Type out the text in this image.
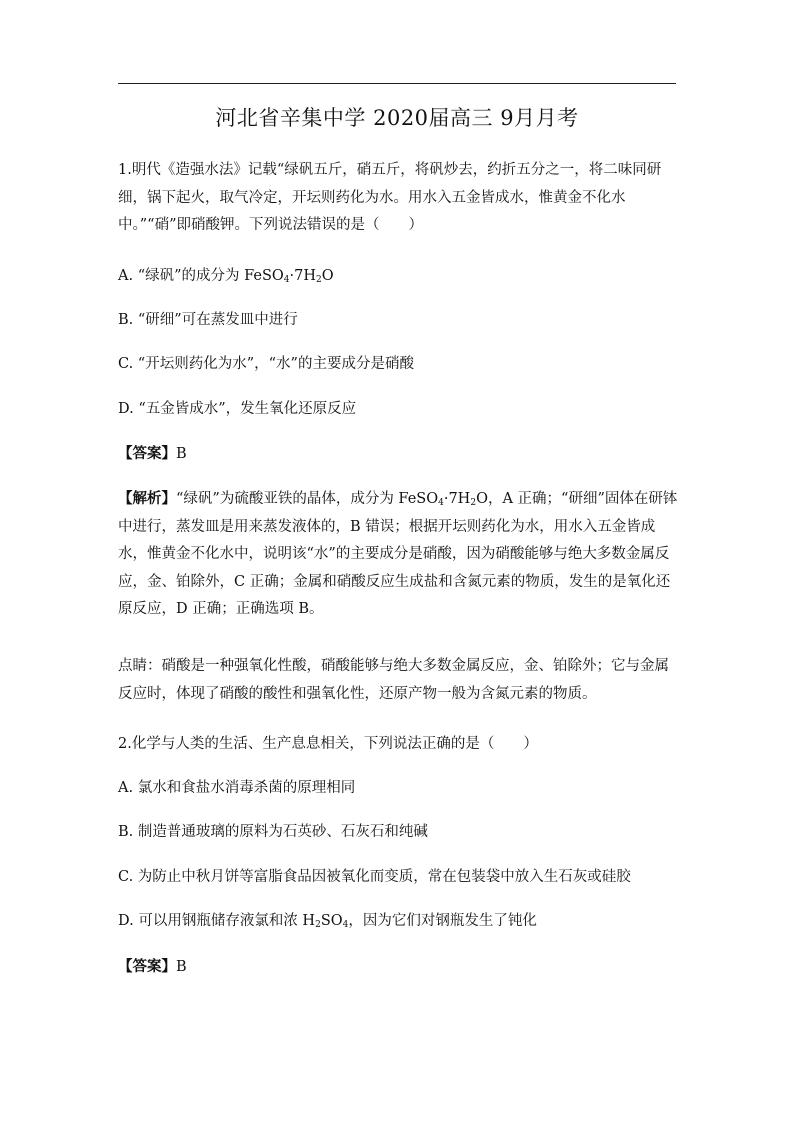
河北省辛集中学 2020届高三 9月月考
1.明代《造强水法》记载“绿矾五斤，硝五斤，将矾炒去，约折五分之一，将二味同研细，锅下起火，取气冷定，开坛则药化为水。用水入五金皆成水，惟黄金不化水中。”“硝”即硝酸钾。下列说法错误的是（　　）
A. “绿矾”的成分为 $FeSO_4\cdot 7H_2O$
B. “研细”可在蒸发皿中进行
C. “开坛则药化为水”，“水”的主要成分是硝酸
D. “五金皆成水”，发生氧化还原反应
【答案】B
【解析】“绿矾”为硫酸亚铁的晶体，成分为 $FeSO_4\cdot 7H_2O$，A 正确；“研细”固体在研钵中进行，蒸发皿是用来蒸发液体的，B 错误；根据开坛则药化为水，用水入五金皆成水，惟黄金不化水中，说明该“水”的主要成分是硝酸，因为硝酸能够与绝大多数金属反应，金、铂除外，C 正确；金属和硝酸反应生成盐和含氮元素的物质，发生的是氧化还原反应，D 正确；正确选项 B。
点睛：硝酸是一种强氧化性酸，硝酸能够与绝大多数金属反应，金、铂除外；它与金属反应时，体现了硝酸的酸性和强氧化性，还原产物一般为含氮元素的物质。
2.化学与人类的生活、生产息息相关，下列说法正确的是（　　）
A. 氯水和食盐水消毒杀菌的原理相同
B. 制造普通玻璃的原料为石英砂、石灰石和纯碱
C. 为防止中秋月饼等富脂食品因被氧化而变质，常在包装袋中放入生石灰或硅胶
D. 可以用钢瓶储存液氯和浓 $H_2SO_4$，因为它们对钢瓶发生了钝化
【答案】B
